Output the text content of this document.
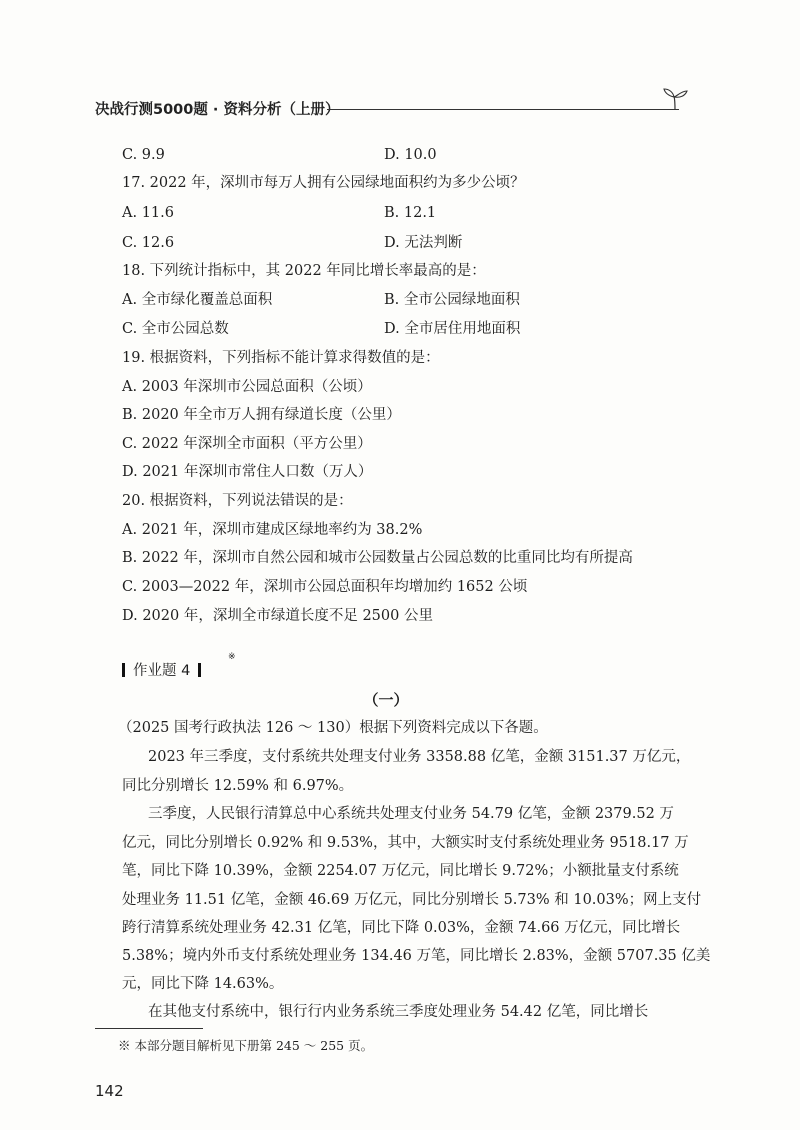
决战行测5000题 · 资料分析（上册）
C. 9.9	D. 10.0
17. 2022 年，深圳市每万人拥有公园绿地面积约为多少公顷？
A. 11.6	B. 12.1
C. 12.6	D. 无法判断
18. 下列统计指标中，其 2022 年同比增长率最高的是：
A. 全市绿化覆盖总面积	B. 全市公园绿地面积
C. 全市公园总数	D. 全市居住用地面积
19. 根据资料，下列指标不能计算求得数值的是：
A. 2003 年深圳市公园总面积（公顷）
B. 2020 年全市万人拥有绿道长度（公里）
C. 2022 年深圳全市面积（平方公里）
D. 2021 年深圳市常住人口数（万人）
20. 根据资料，下列说法错误的是：
A. 2021 年，深圳市建成区绿地率约为 38.2%
B. 2022 年，深圳市自然公园和城市公园数量占公园总数的比重同比均有所提高
C. 2003—2022 年，深圳市公园总面积年均增加约 1652 公顷
D. 2020 年，深圳全市绿道长度不足 2500 公里
作业题 4
※
（一）
（2025 国考行政执法 126 ～ 130）根据下列资料完成以下各题。
2023 年三季度，支付系统共处理支付业务 3358.88 亿笔，金额 3151.37 万亿元，
同比分别增长 12.59% 和 6.97%。
三季度，人民银行清算总中心系统共处理支付业务 54.79 亿笔，金额 2379.52 万
亿元，同比分别增长 0.92% 和 9.53%，其中，大额实时支付系统处理业务 9518.17 万
笔，同比下降 10.39%，金额 2254.07 万亿元，同比增长 9.72%；小额批量支付系统
处理业务 11.51 亿笔，金额 46.69 万亿元，同比分别增长 5.73% 和 10.03%；网上支付
跨行清算系统处理业务 42.31 亿笔，同比下降 0.03%，金额 74.66 万亿元，同比增长
5.38%；境内外币支付系统处理业务 134.46 万笔，同比增长 2.83%，金额 5707.35 亿美
元，同比下降 14.63%。
在其他支付系统中，银行行内业务系统三季度处理业务 54.42 亿笔，同比增长
※ 本部分题目解析见下册第 245 ～ 255 页。
142
